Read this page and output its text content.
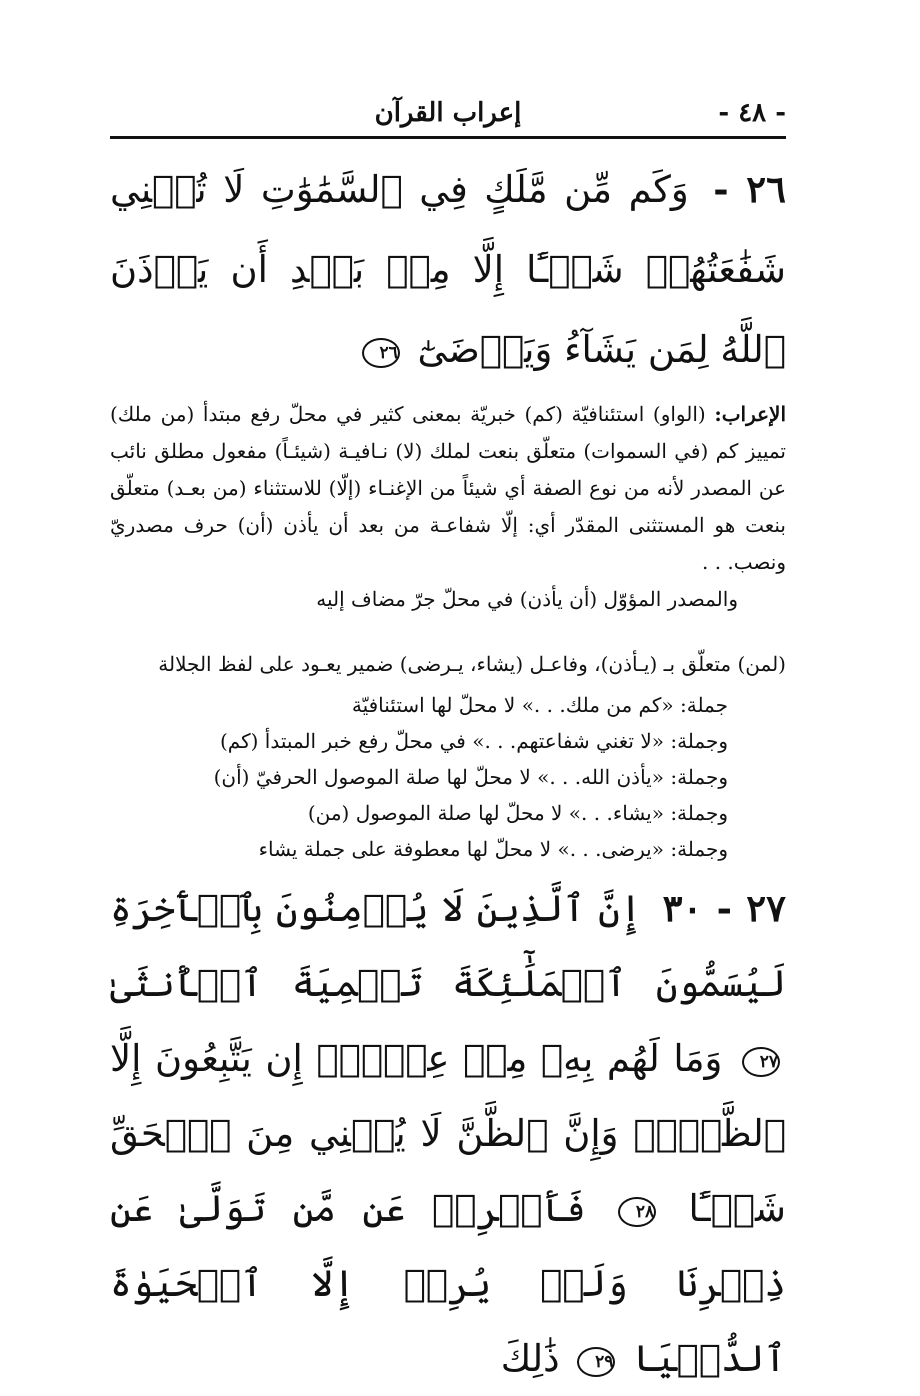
- ٤٨ -
إعراب القرآن
٢٦ - وَكَم مِّن مَّلَكٍ فِي ٱلسَّمَٰوَٰتِ لَا تُغۡنِي شَفَٰعَتُهُمۡ شَيۡـًٔا إِلَّا مِنۢ بَعۡدِ أَن يَأۡذَنَ ٱللَّهُ لِمَن يَشَآءُ وَيَرۡضَىٰٓ ٢٦
الإعراب: (الواو) استئنافيّة (كم) خبريّة بمعنى كثير في محلّ رفع مبتدأ (من ملك) تمييز كم (في السموات) متعلّق بنعت لملك (لا) نـافيـة (شيئـاً) مفعول مطلق نائب عن المصدر لأنه من نوع الصفة أي شيئاً من الإغنـاء (إلّا) للاستثناء (من بعـد) متعلّق بنعت هو المستثنى المقدّر أي: إلّا شفاعـة من بعد أن يأذن (أن) حرف مصدريّ ونصب. . .
والمصدر المؤوّل (أن يأذن) في محلّ جرّ مضاف إليه
(لمن) متعلّق بـ (يـأذن)، وفاعـل (يشاء، يـرضى) ضمير يعـود على لفظ الجلالة
جملة: «كم من ملك. . .» لا محلّ لها استئنافيّة
وجملة: «لا تغني شفاعتهم. . .» في محلّ رفع خبر المبتدأ (كم)
وجملة: «يأذن الله. . .» لا محلّ لها صلة الموصول الحرفيّ (أن)
وجملة: «يشاء. . .» لا محلّ لها صلة الموصول (من)
وجملة: «يرضى. . .» لا محلّ لها معطوفة على جملة يشاء
٢٧ - ٣٠ إِنَّ ٱلَّذِينَ لَا يُؤۡمِنُونَ بِٱلۡأٓخِرَةِ لَيُسَمُّونَ ٱلۡمَلَٰٓئِكَةَ تَسۡمِيَةَ ٱلۡأُنثَىٰ ٢٧ وَمَا لَهُم بِهِۦ مِنۡ عِلۡمٍۖ إِن يَتَّبِعُونَ إِلَّا ٱلظَّنَّۖ وَإِنَّ ٱلظَّنَّ لَا يُغۡنِي مِنَ ٱلۡحَقِّ شَيۡـًٔا ٢٨ فَأَعۡرِضۡ عَن مَّن تَوَلَّىٰ عَن ذِكۡرِنَا وَلَمۡ يُرِدۡ إِلَّا ٱلۡحَيَوٰةَ ٱلدُّنۡيَا ٢٩ ذَٰلِكَ
